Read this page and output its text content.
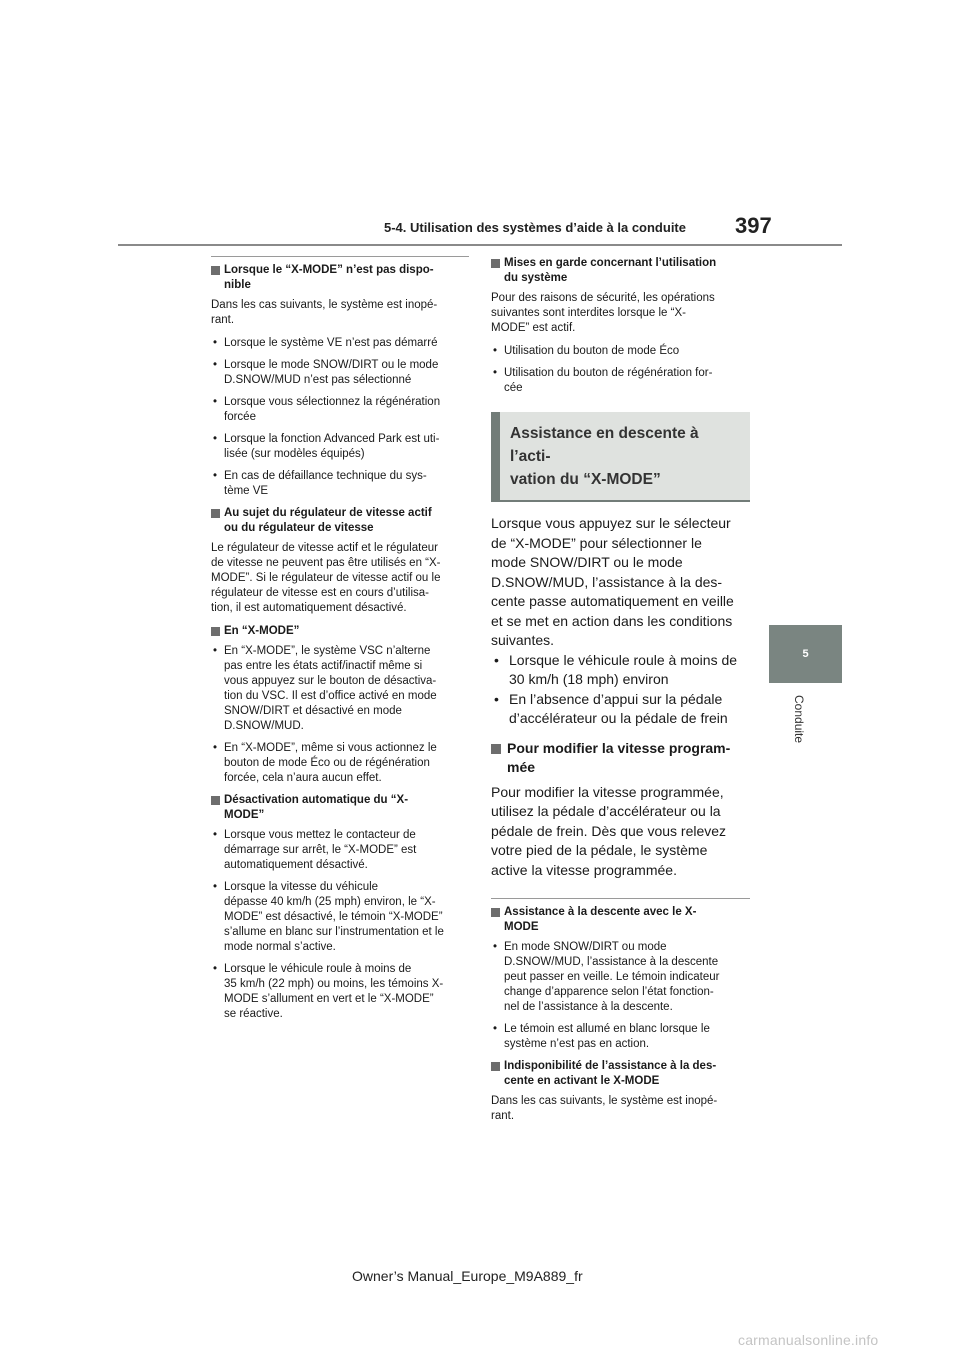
5-4. Utilisation des systèmes d’aide à la conduite 397
5
Conduite
Lorsque le “X-MODE” n’est pas dispo-
nible

Dans les cas suivants, le système est inopé-
rant.

• Lorsque le système VE n’est pas démarré
• Lorsque le mode SNOW/DIRT ou le mode
D.SNOW/MUD n’est pas sélectionné
• Lorsque vous sélectionnez la régénération
forcée
• Lorsque la fonction Advanced Park est uti-
lisée (sur modèles équipés)
• En cas de défaillance technique du sys-
tème VE
Au sujet du régulateur de vitesse actif
ou du régulateur de vitesse

Le régulateur de vitesse actif et le régulateur
de vitesse ne peuvent pas être utilisés en “X-
MODE”. Si le régulateur de vitesse actif ou le
régulateur de vitesse est en cours d’utilisa-
tion, il est automatiquement désactivé.

En “X-MODE”
• En “X-MODE”, le système VSC n’alterne
pas entre les états actif/inactif même si
vous appuyez sur le bouton de désactiva-
tion du VSC. Il est d’office activé en mode
SNOW/DIRT et désactivé en mode
D.SNOW/MUD.
• En “X-MODE”, même si vous actionnez le
bouton de mode Éco ou de régénération
forcée, cela n’aura aucun effet.
Désactivation automatique du “X-
MODE”
• Lorsque vous mettez le contacteur de
démarrage sur arrêt, le “X-MODE” est
automatiquement désactivé.
• Lorsque la vitesse du véhicule
dépasse 40 km/h (25 mph) environ, le “X-
MODE” est désactivé, le témoin “X-MODE”
s’allume en blanc sur l’instrumentation et le
mode normal s’active.
• Lorsque le véhicule roule à moins de
35 km/h (22 mph) ou moins, les témoins X-
MODE s’allument en vert et le “X-MODE”
se réactive.
Mises en garde concernant l’utilisation
du système

Pour des raisons de sécurité, les opérations
suivantes sont interdites lorsque le “X-
MODE” est actif.

• Utilisation du bouton de mode Éco
• Utilisation du bouton de régénération for-
cée
Assistance en descente à l’acti-
vation du “X-MODE”

Lorsque vous appuyez sur le sélecteur
de “X-MODE” pour sélectionner le
mode SNOW/DIRT ou le mode
D.SNOW/MUD, l’assistance à la des-
cente passe automatiquement en veille
et se met en action dans les conditions
suivantes.

• Lorsque le véhicule roule à moins de
30 km/h (18 mph) environ
• En l’absence d’appui sur la pédale
d’accélérateur ou la pédale de frein
Pour modifier la vitesse program-
mée

Pour modifier la vitesse programmée,
utilisez la pédale d’accélérateur ou la
pédale de frein. Dès que vous relevez
votre pied de la pédale, le système
active la vitesse programmée.

Assistance à la descente avec le X-
MODE
• En mode SNOW/DIRT ou mode
D.SNOW/MUD, l’assistance à la descente
peut passer en veille. Le témoin indicateur
change d’apparence selon l’état fonction-
nel de l’assistance à la descente.
• Le témoin est allumé en blanc lorsque le
système n’est pas en action.
Indisponibilité de l’assistance à la des-
cente en activant le X-MODE

Dans les cas suivants, le système est inopé-
rant.

Owner’s Manual_Europe_M9A889_fr
carmanualsonline.info
